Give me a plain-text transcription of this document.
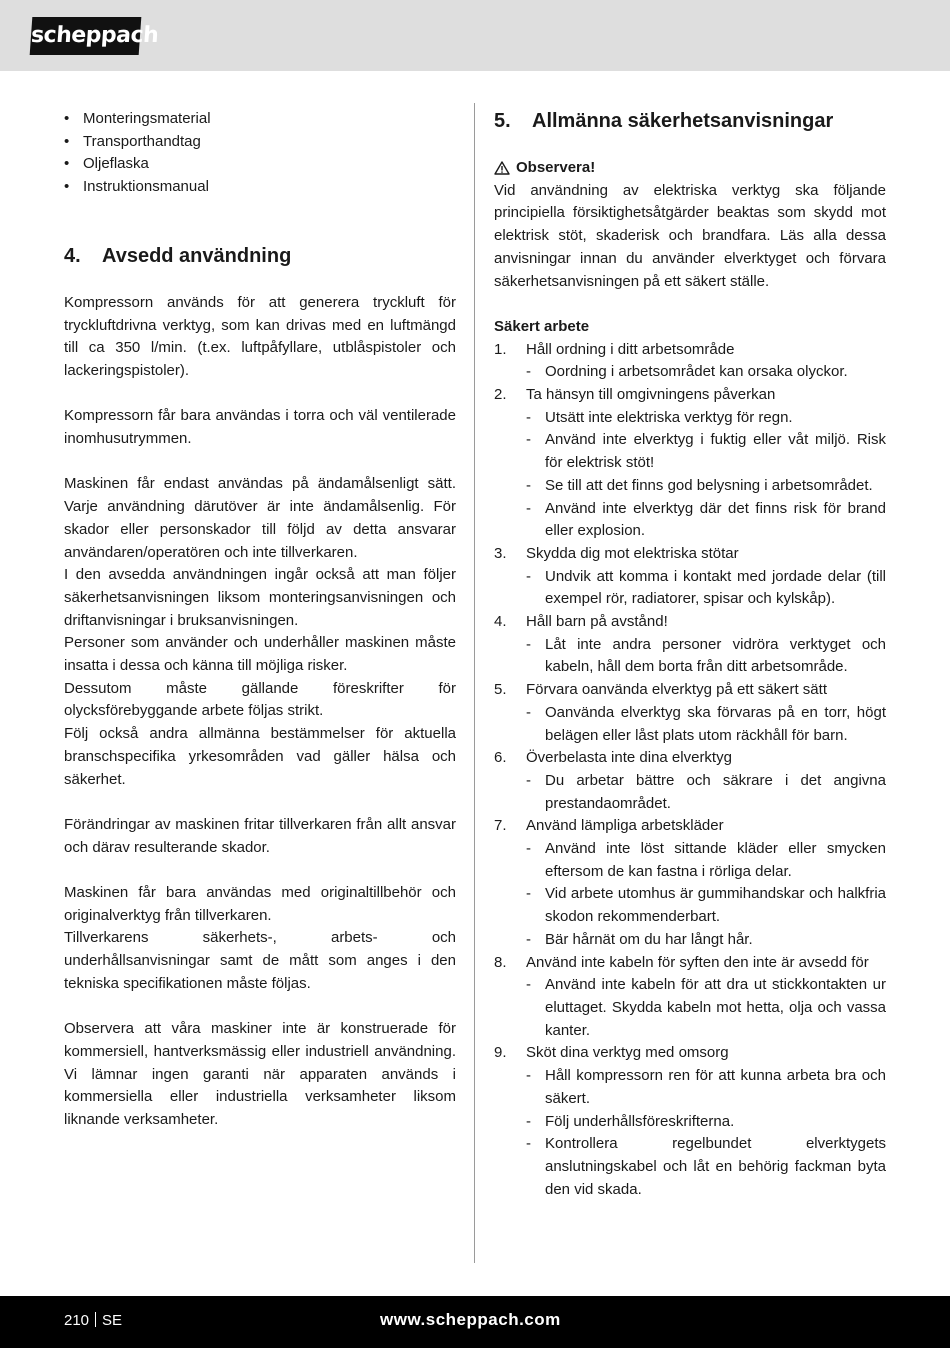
scheppach
• Monteringsmaterial
• Transporthandtag
• Oljeflaska
• Instruktionsmanual
4.	Avsedd användning

Kompressorn används för att generera tryckluft för tryckluftdrivna verktyg, som kan drivas med en luftmängd till ca 350 l/min. (t.ex. luftpåfyllare, utblåspistoler och lackeringspistoler).

Kompressorn får bara användas i torra och väl ventilerade inomhusutrymmen.

Maskinen får endast användas på ändamålsenligt sätt. Varje användning därutöver är inte ändamålsenlig. För skador eller personskador till följd av detta ansvarar användaren/operatören och inte tillverkaren.

I den avsedda användningen ingår också att man följer säkerhetsanvisningen liksom monteringsanvisningen och driftanvisningar i bruksanvisningen.

Personer som använder och underhåller maskinen måste insatta i dessa och känna till möjliga risker.

Dessutom måste gällande föreskrifter för olycksförebyggande arbete följas strikt.

Följ också andra allmänna bestämmelser för aktuella branschspecifika yrkesområden vad gäller hälsa och säkerhet.

Förändringar av maskinen fritar tillverkaren från allt ansvar och därav resulterande skador.

Maskinen får bara användas med originaltillbehör och originalverktyg från tillverkaren.

Tillverkarens säkerhets-, arbets- och underhållsanvisningar samt de mått som anges i den tekniska specifikationen måste följas.

Observera att våra maskiner inte är konstruerade för kommersiell, hantverksmässig eller industriell användning. Vi lämnar ingen garanti när apparaten används i kommersiella eller industriella verksamheter liksom liknande verksamheter.

5.	Allmänna säkerhetsanvisningar
Observera!

Vid användning av elektriska verktyg ska följande principiella försiktighetsåtgärder beaktas som skydd mot elektrisk stöt, skaderisk och brandfara. Läs alla dessa anvisningar innan du använder elverktyget och förvara säkerhetsanvisningen på ett säkert ställe.

Säkert arbete
1. Håll ordning i ditt arbetsområde
- Oordning i arbetsområdet kan orsaka olyckor.
2. Ta hänsyn till omgivningens påverkan
- Utsätt inte elektriska verktyg för regn.
- Använd inte elverktyg i fuktig eller våt miljö. Risk för elektrisk stöt!
- Se till att det finns god belysning i arbetsområdet.
- Använd inte elverktyg där det finns risk för brand eller explosion.
3. Skydda dig mot elektriska stötar
- Undvik att komma i kontakt med jordade delar (till exempel rör, radiatorer, spisar och kylskåp).
4. Håll barn på avstånd!
- Låt inte andra personer vidröra verktyget och kabeln, håll dem borta från ditt arbetsområde.
5. Förvara oanvända elverktyg på ett säkert sätt
- Oanvända elverktyg ska förvaras på en torr, högt belägen eller låst plats utom räckhåll för barn.
6. Överbelasta inte dina elverktyg
- Du arbetar bättre och säkrare i det angivna prestandaområdet.
7. Använd lämpliga arbetskläder
- Använd inte löst sittande kläder eller smycken eftersom de kan fastna i rörliga delar.
- Vid arbete utomhus är gummihandskar och halkfria skodon rekommenderbart.
- Bär hårnät om du har långt hår.
8. Använd inte kabeln för syften den inte är avsedd för
- Använd inte kabeln för att dra ut stickkontakten ur eluttaget. Skydda kabeln mot hetta, olja och vassa kanter.
9. Sköt dina verktyg med omsorg
- Håll kompressorn ren för att kunna arbeta bra och säkert.
- Följ underhållsföreskrifterna.
- Kontrollera regelbundet elverktygets anslutningskabel och låt en behörig fackman byta den vid skada.
210 SE	www.scheppach.com
